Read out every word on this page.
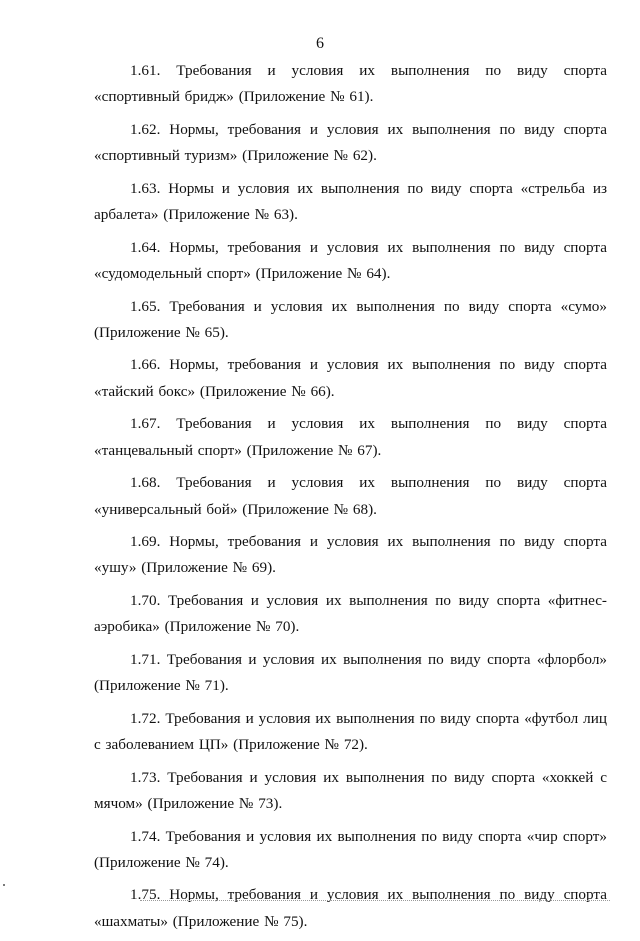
6

1.61. Требования и условия их выполнения по виду спорта «спортивный бридж» (Приложение № 61).

1.62. Нормы, требования и условия их выполнения по виду спорта «спортивный туризм» (Приложение № 62).

1.63. Нормы и условия их выполнения по виду спорта «стрельба из арбалета» (Приложение № 63).

1.64. Нормы, требования и условия их выполнения по виду спорта «судомодельный спорт» (Приложение № 64).

1.65. Требования и условия их выполнения по виду спорта «сумо» (Приложение № 65).

1.66. Нормы, требования и условия их выполнения по виду спорта «тайский бокс» (Приложение № 66).

1.67. Требования и условия их выполнения по виду спорта «танцевальный спорт» (Приложение № 67).

1.68. Требования и условия их выполнения по виду спорта «универсальный бой» (Приложение № 68).

1.69. Нормы, требования и условия их выполнения по виду спорта «ушу» (Приложение № 69).

1.70. Требования и условия их выполнения по виду спорта «фитнес-аэробика» (Приложение № 70).

1.71. Требования и условия их выполнения по виду спорта «флорбол» (Приложение № 71).

1.72. Требования и условия их выполнения по виду спорта «футбол лиц с заболеванием ЦП» (Приложение № 72).

1.73. Требования и условия их выполнения по виду спорта «хоккей с мячом» (Приложение № 73).

1.74. Требования и условия их выполнения по виду спорта «чир спорт» (Приложение № 74).

1.75. Нормы, требования и условия их выполнения по виду спорта «шахматы» (Приложение № 75).
